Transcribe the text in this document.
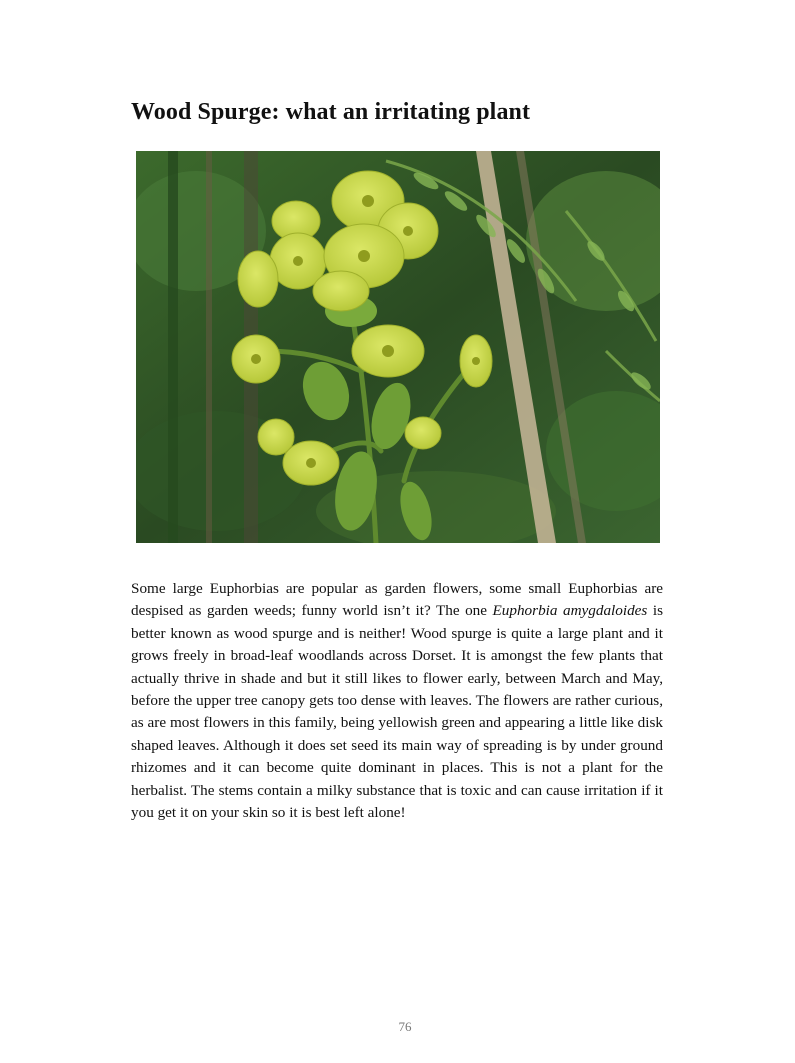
Wood Spurge: what an irritating plant

Some large Euphorbias are popular as garden flowers, some small Euphorbias are despised as garden weeds; funny world isn’t it? The one Euphorbia amygdaloides is better known as wood spurge and is neither! Wood spurge is quite a large plant and it grows freely in broad-leaf woodlands across Dorset. It is amongst the few plants that actually thrive in shade and but it still likes to flower early, between March and May, before the upper tree canopy gets too dense with leaves. The flowers are rather curious, as are most flowers in this family, being yellowish green and appearing a little like disk shaped leaves. Although it does set seed its main way of spreading is by under ground rhizomes and it can become quite dominant in places. This is not a plant for the herbalist. The stems contain a milky substance that is toxic and can cause irritation if it you get it on your skin so it is best left alone!

76
